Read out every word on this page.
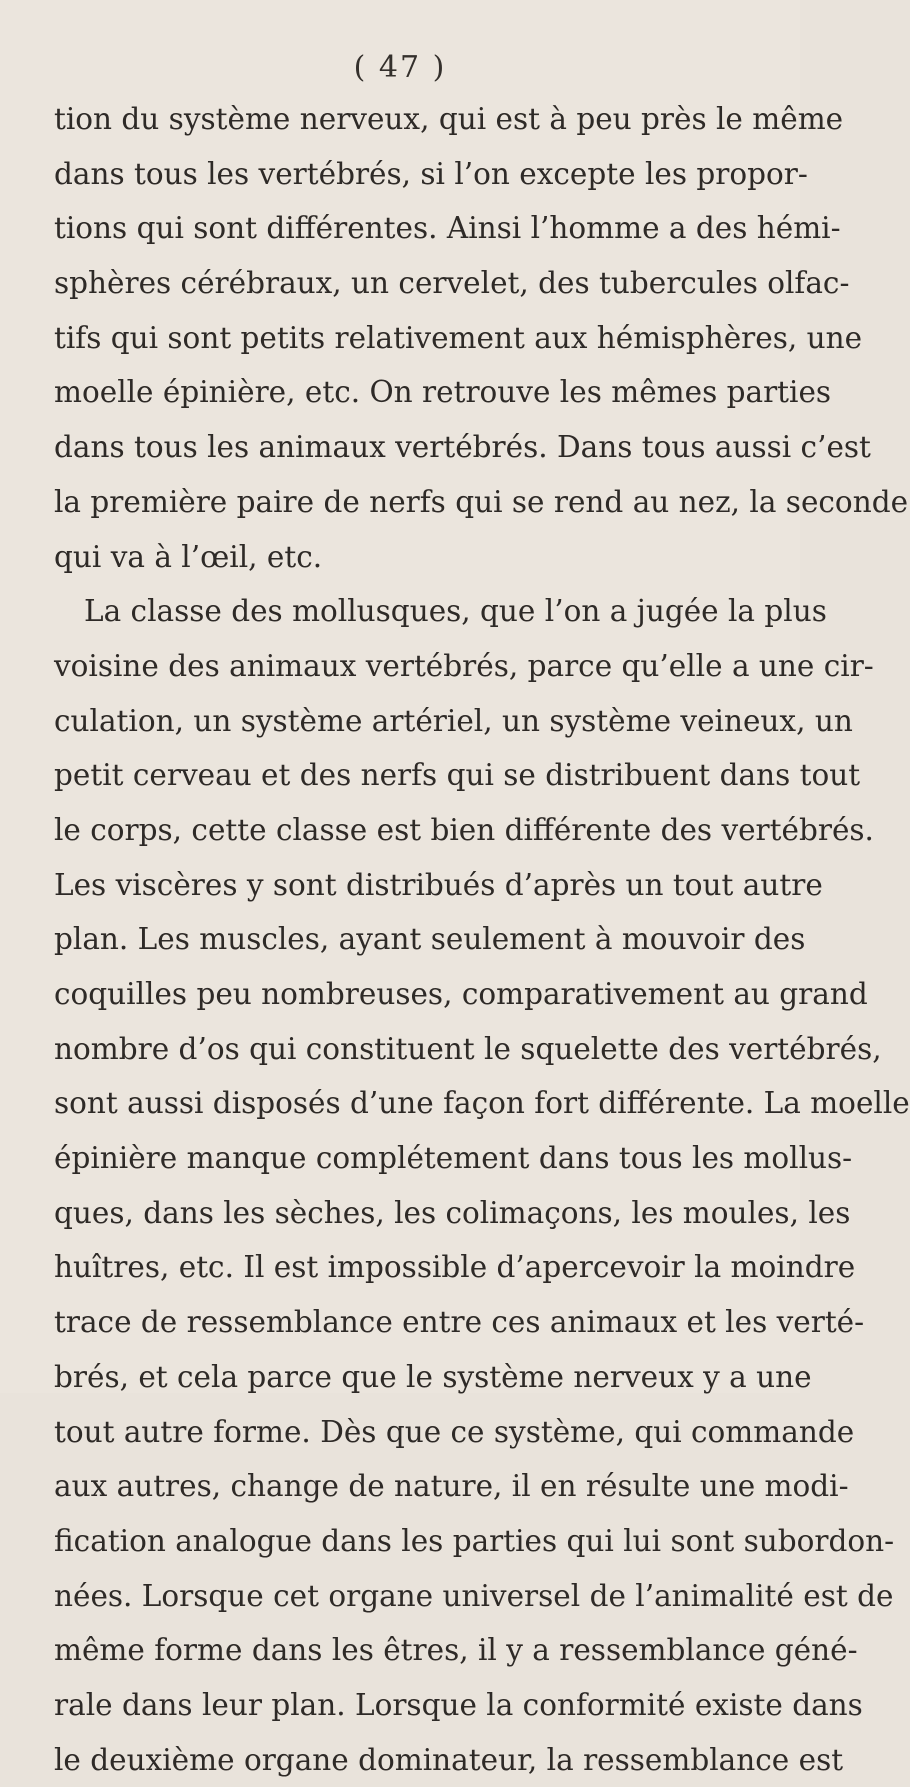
( 47 )
tion du système nerveux, qui est à peu près le même
dans tous les vertébrés, si l’on excepte les propor-
tions qui sont différentes. Ainsi l’homme a des hémi-
sphères cérébraux, un cervelet, des tubercules olfac-
tifs qui sont petits relativement aux hémisphères, une
moelle épinière, etc. On retrouve les mêmes parties
dans tous les animaux vertébrés. Dans tous aussi c’est
la première paire de nerfs qui se rend au nez, la seconde
qui va à l’œil, etc.
La classe des mollusques, que l’on a jugée la plus
voisine des animaux vertébrés, parce qu’elle a une cir-
culation, un système artériel, un système veineux, un
petit cerveau et des nerfs qui se distribuent dans tout
le corps, cette classe est bien différente des vertébrés.
Les viscères y sont distribués d’après un tout autre
plan. Les muscles, ayant seulement à mouvoir des
coquilles peu nombreuses, comparativement au grand
nombre d’os qui constituent le squelette des vertébrés,
sont aussi disposés d’une façon fort différente. La moelle
épinière manque complétement dans tous les mollus-
ques, dans les sèches, les colimaçons, les moules, les
huîtres, etc. Il est impossible d’apercevoir la moindre
trace de ressemblance entre ces animaux et les verté-
brés, et cela parce que le système nerveux y a une
tout autre forme. Dès que ce système, qui commande
aux autres, change de nature, il en résulte une modi-
fication analogue dans les parties qui lui sont subordon-
nées. Lorsque cet organe universel de l’animalité est de
même forme dans les êtres, il y a ressemblance géné-
rale dans leur plan. Lorsque la conformité existe dans
le deuxième organe dominateur, la ressemblance est
